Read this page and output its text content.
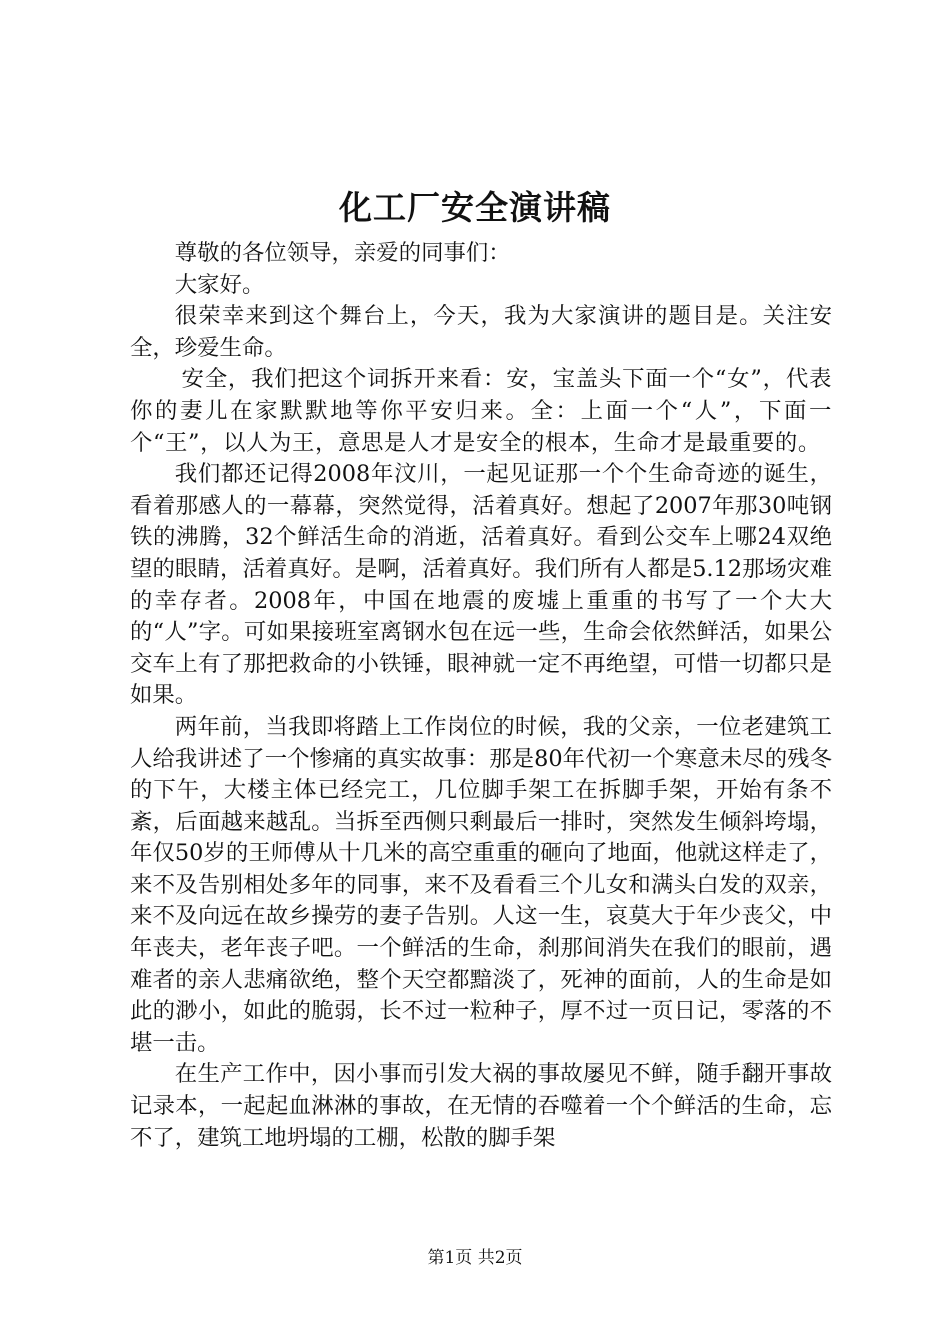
化工厂安全演讲稿

尊敬的各位领导，亲爱的同事们：

大家好。

很荣幸来到这个舞台上，今天，我为大家演讲的题目是。关注安全，珍爱生命。

安全，我们把这个词拆开来看：安，宝盖头下面一个“女”，代表你的妻儿在家默默地等你平安归来。全：上面一个“人”，下面一个“王”，以人为王，意思是人才是安全的根本，生命才是最重要的。

我们都还记得2008年汶川，一起见证那一个个生命奇迹的诞生，看着那感人的一幕幕，突然觉得，活着真好。想起了2007年那30吨钢铁的沸腾，32个鲜活生命的消逝，活着真好。看到公交车上哪24双绝望的眼睛，活着真好。是啊，活着真好。我们所有人都是5.12那场灾难的幸存者。2008年，中国在地震的废墟上重重的书写了一个大大的“人”字。可如果接班室离钢水包在远一些，生命会依然鲜活，如果公交车上有了那把救命的小铁锤，眼神就一定不再绝望，可惜一切都只是如果。

两年前，当我即将踏上工作岗位的时候，我的父亲，一位老建筑工人给我讲述了一个惨痛的真实故事：那是80年代初一个寒意未尽的残冬的下午，大楼主体已经完工，几位脚手架工在拆脚手架，开始有条不紊，后面越来越乱。当拆至西侧只剩最后一排时，突然发生倾斜垮塌，年仅50岁的王师傅从十几米的高空重重的砸向了地面，他就这样走了，来不及告别相处多年的同事，来不及看看三个儿女和满头白发的双亲，来不及向远在故乡操劳的妻子告别。人这一生，哀莫大于年少丧父，中年丧夫，老年丧子吧。一个鲜活的生命，刹那间消失在我们的眼前，遇难者的亲人悲痛欲绝，整个天空都黯淡了，死神的面前，人的生命是如此的渺小，如此的脆弱，长不过一粒种子，厚不过一页日记，零落的不堪一击。

在生产工作中，因小事而引发大祸的事故屡见不鲜，随手翻开事故记录本，一起起血淋淋的事故，在无情的吞噬着一个个鲜活的生命，忘不了，建筑工地坍塌的工棚，松散的脚手架

第1页 共2页
